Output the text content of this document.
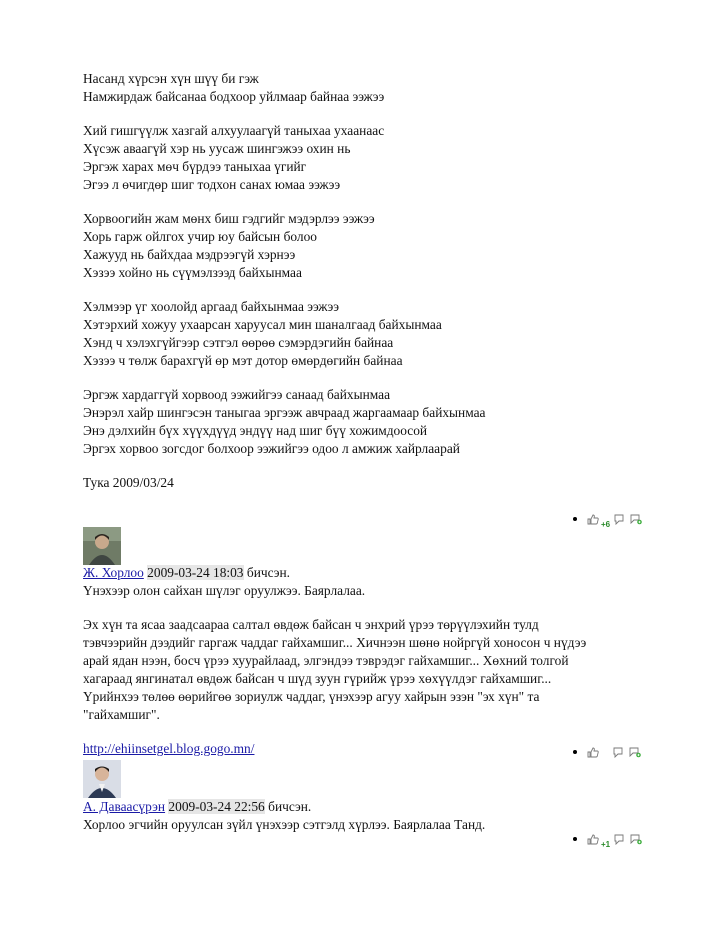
Насанд хүрсэн хүн шүү би гэж
Намжирдаж байсанаа бодхоор уйлмаар байнаа ээжээ
Хий гишгүүлж хазгай алхуулаагүй таныхаа ухаанаас
Хүсэж аваагүй хэр нь уусаж шингэжээ охин нь
Эргэж харах мөч бүрдээ таныхаа үгийг
Эгээ л өчигдөр шиг тодхон санах юмаа ээжээ
Хорвоогийн жам мөнх биш гэдгийг мэдэрлээ ээжээ
Хорь гарж ойлгох учир юу байсын болоо
Хажууд нь байхдаа мэдрээгүй хэрнээ
Хэзээ хойно нь сүүмэлзээд байхынмаа
Хэлмээр үг хоолойд аргаад байхынмаа ээжээ
Хэтэрхий хожуу ухаарсан харуусал мин шаналгаад байхынмаа
Хэнд ч хэлэхгүйгээр сэтгэл өөрөө сэмэрдэгийн байнаа
Хэзээ ч төлж барахгүй өр мэт дотор өмөрдөгийн байнаа
Эргэж хардаггүй хорвоод ээжийгээ санаад байхынмаа
Энэрэл хайр шингэсэн таныгаа эргээж авчраад жаргаамаар байхынмаа
Энэ дэлхийн бүх хүүхдүүд эндүү над шиг бүү хожимдоосой
Эргэх хорвоо зогсдог болхоор ээжийгээ одоо л амжиж хайрлаарай
Тука 2009/03/24
+6
Ж. Хорлоо 2009-03-24 18:03 бичсэн.
Үнэхээр олон сайхан шүлэг оруулжээ. Баярлалаа.
Эх хүн та ясаа заадсаараа салтал өвдөж байсан ч энхрий үрээ төрүүлэхийн тулд
тэвчээрийн дээдийг гаргаж чаддаг гайхамшиг... Хичнээн шөнө нойргүй хоносон ч нүдээ
арай ядан нээн, босч үрээ хуурайлаад, элгэндээ тэврэдэг гайхамшиг... Хөхний толгой
хагараад янгинатал өвдөж байсан ч шүд зуун гүрийж үрээ хөхүүлдэг гайхамшиг...
Үрийнхээ төлөө өөрийгөө зориулж чаддаг, үнэхээр агуу хайрын эзэн "эх хүн" та
"гайхамшиг".
http://ehiinsetgel.blog.gogo.mn/
А. Даваасүрэн 2009-03-24 22:56 бичсэн.
Хорлоо эгчийн оруулсан зүйл үнэхээр сэтгэлд хүрлээ. Баярлалаа Танд.
+1
